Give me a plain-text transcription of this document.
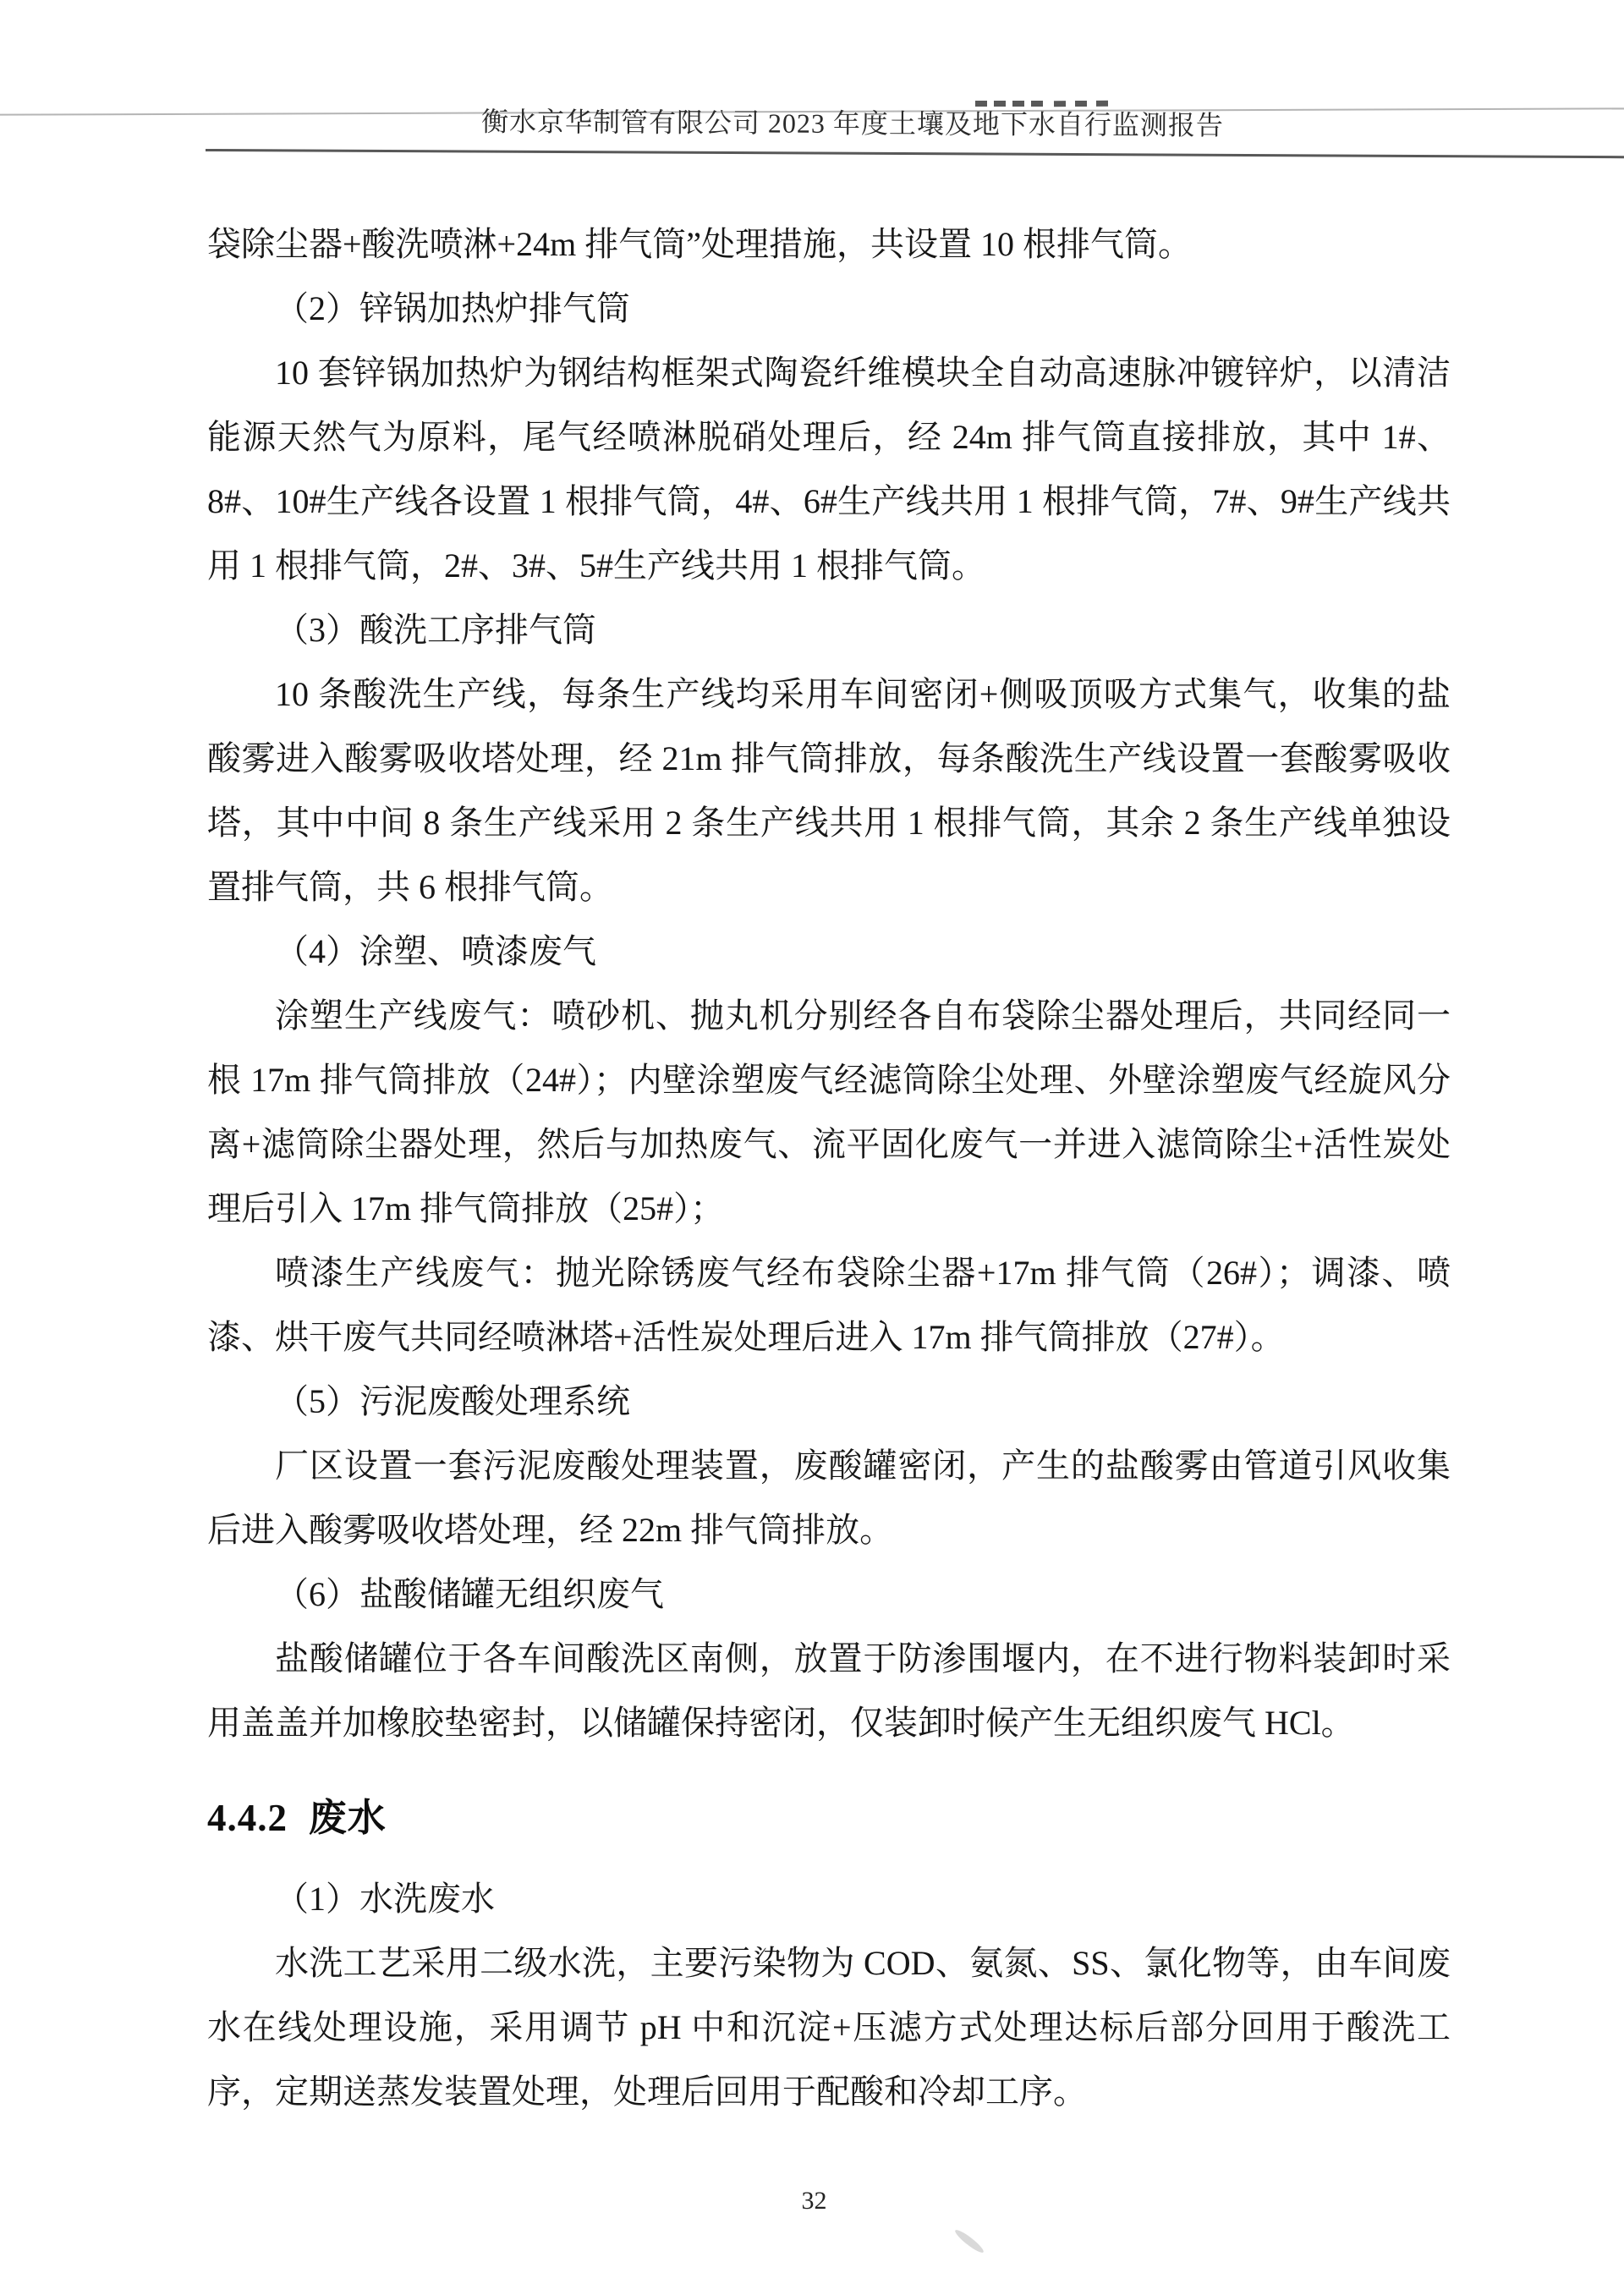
衡水京华制管有限公司 2023 年度土壤及地下水自行监测报告

袋除尘器+酸洗喷淋+24m 排气筒”处理措施，共设置 10 根排气筒。

（2）锌锅加热炉排气筒

10 套锌锅加热炉为钢结构框架式陶瓷纤维模块全自动高速脉冲镀锌炉，以清洁能源天然气为原料，尾气经喷淋脱硝处理后，经 24m 排气筒直接排放，其中 1#、8#、10#生产线各设置 1 根排气筒，4#、6#生产线共用 1 根排气筒，7#、9#生产线共用 1 根排气筒，2#、3#、5#生产线共用 1 根排气筒。

（3）酸洗工序排气筒

10 条酸洗生产线，每条生产线均采用车间密闭+侧吸顶吸方式集气，收集的盐酸雾进入酸雾吸收塔处理，经 21m 排气筒排放，每条酸洗生产线设置一套酸雾吸收塔，其中中间 8 条生产线采用 2 条生产线共用 1 根排气筒，其余 2 条生产线单独设置排气筒，共 6 根排气筒。

（4）涂塑、喷漆废气

涂塑生产线废气：喷砂机、抛丸机分别经各自布袋除尘器处理后，共同经同一根 17m 排气筒排放（24#）；内壁涂塑废气经滤筒除尘处理、外壁涂塑废气经旋风分离+滤筒除尘器处理，然后与加热废气、流平固化废气一并进入滤筒除尘+活性炭处理后引入 17m 排气筒排放（25#）；

喷漆生产线废气：抛光除锈废气经布袋除尘器+17m 排气筒（26#）；调漆、喷漆、烘干废气共同经喷淋塔+活性炭处理后进入 17m 排气筒排放（27#）。

（5）污泥废酸处理系统

厂区设置一套污泥废酸处理装置，废酸罐密闭，产生的盐酸雾由管道引风收集后进入酸雾吸收塔处理，经 22m 排气筒排放。

（6）盐酸储罐无组织废气

盐酸储罐位于各车间酸洗区南侧，放置于防渗围堰内，在不进行物料装卸时采用盖盖并加橡胶垫密封，以储罐保持密闭，仅装卸时候产生无组织废气 HCl。

4.4.2 废水

（1）水洗废水

水洗工艺采用二级水洗，主要污染物为 COD、氨氮、SS、氯化物等，由车间废水在线处理设施，采用调节 pH 中和沉淀+压滤方式处理达标后部分回用于酸洗工序，定期送蒸发装置处理，处理后回用于配酸和冷却工序。

32
